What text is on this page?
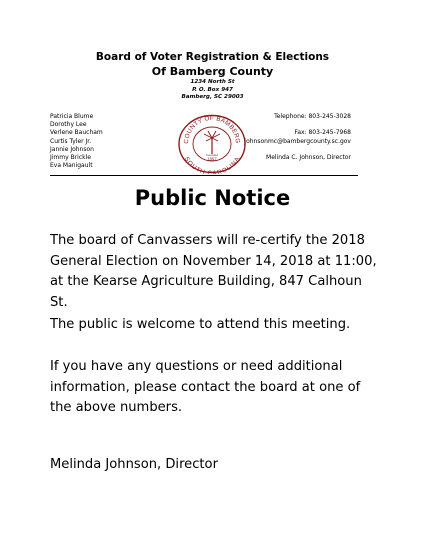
Board of Voter Registration & Elections
Of Bamberg County
1234 North St
P. O. Box 947
Bamberg, SC 29003
Patricia Blume
Dorothy Lee
Verlene Baucham
Curtis Tyler Jr.
Jannie Johnson
Jimmy Brickle
Eva Manigault
COUNTY OF BAMBERG
SOUTH CAROLINA
Founded
1897
Telephone: 803-245-3028
Fax: 803-245-7968
johnsonmc@bambergcounty.sc.gov
Melinda C. Johnson, Director
Public Notice
The board of Canvassers will re-certify the 2018 General Election on November 14, 2018 at 11:00, at the Kearse Agriculture Building, 847 Calhoun St.
The public is welcome to attend this meeting.
If you have any questions or need additional information, please contact the board at one of the above numbers.
Melinda Johnson, Director
